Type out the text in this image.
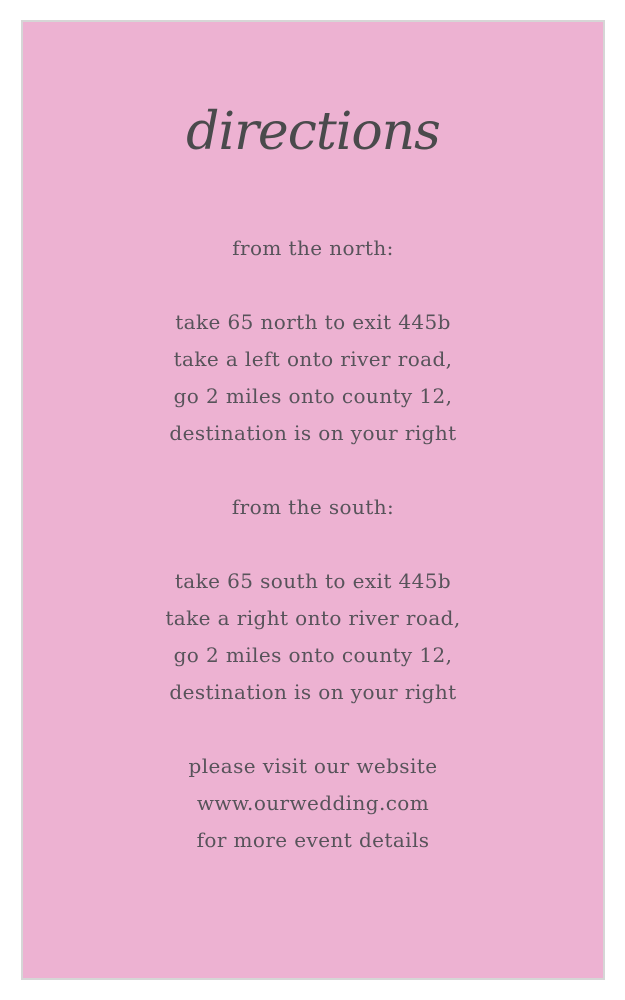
directions
from the north:
take 65 north to exit 445b
take a left onto river road,
go 2 miles onto county 12,
destination is on your right
from the south:
take 65 south to exit 445b
take a right onto river road,
go 2 miles onto county 12,
destination is on your right
please visit our website
www.ourwedding.com
for more event details
